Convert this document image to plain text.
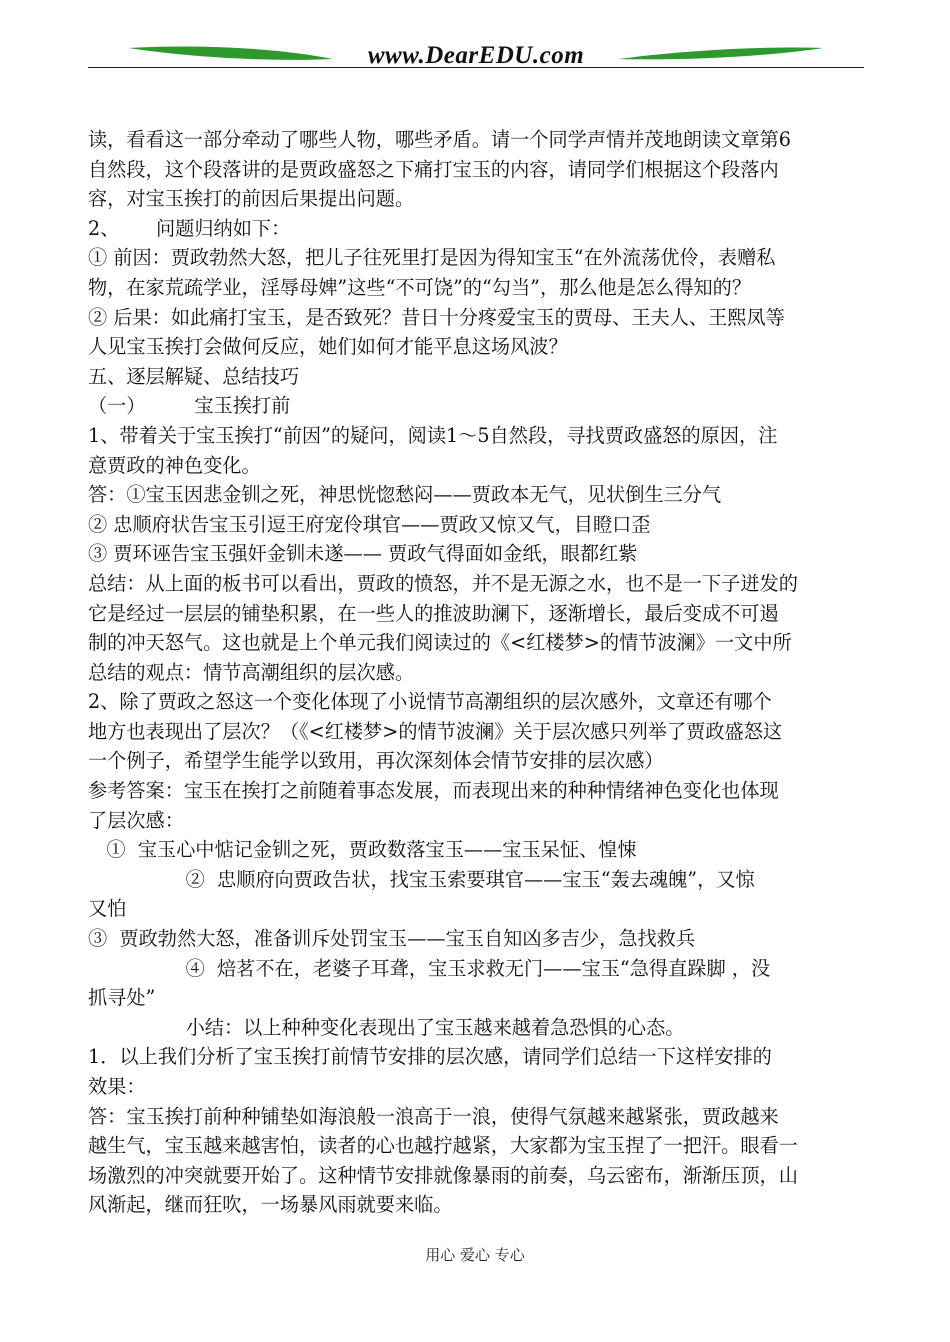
www.DearEDU.com

读，看看这一部分牵动了哪些人物，哪些矛盾。请一个同学声情并茂地朗读文章第6

自然段，这个段落讲的是贾政盛怒之下痛打宝玉的内容，请同学们根据这个段落内

容，对宝玉挨打的前因后果提出问题。

2、      问题归纳如下：

① 前因：贾政勃然大怒，把儿子往死里打是因为得知宝玉“在外流荡优伶，表赠私

物，在家荒疏学业，淫辱母婢”这些“不可饶”的“勾当”，那么他是怎么得知的？

② 后果：如此痛打宝玉，是否致死？昔日十分疼爱宝玉的贾母、王夫人、王熙凤等

人见宝玉挨打会做何反应，她们如何才能平息这场风波？

五、逐层解疑、总结技巧

（一）        宝玉挨打前

1、带着关于宝玉挨打“前因”的疑问，阅读1～5自然段，寻找贾政盛怒的原因，注

意贾政的神色变化。

答：①宝玉因悲金钏之死，神思恍惚愁闷——贾政本无气，见状倒生三分气

② 忠顺府状告宝玉引逗王府宠伶琪官——贾政又惊又气，目瞪口歪

③ 贾环诬告宝玉强奸金钏未遂—— 贾政气得面如金纸，眼都红紫

总结：从上面的板书可以看出，贾政的愤怒，并不是无源之水，也不是一下子迸发的

它是经过一层层的铺垫积累，在一些人的推波助澜下，逐渐增长，最后变成不可遏

制的冲天怒气。这也就是上个单元我们阅读过的《<红楼梦>的情节波澜》一文中所

总结的观点：情节高潮组织的层次感。

2、除了贾政之怒这一个变化体现了小说情节高潮组织的层次感外，文章还有哪个

地方也表现出了层次？（《<红楼梦>的情节波澜》关于层次感只列举了贾政盛怒这

一个例子，希望学生能学以致用，再次深刻体会情节安排的层次感）

参考答案：宝玉在挨打之前随着事态发展，而表现出来的种种情绪神色变化也体现

了层次感：

①  宝玉心中惦记金钏之死，贾政数落宝玉——宝玉呆怔、惶悚

②  忠顺府向贾政告状，找宝玉索要琪官——宝玉“轰去魂魄”，又惊

又怕

③  贾政勃然大怒，准备训斥处罚宝玉——宝玉自知凶多吉少，急找救兵

④  焙茗不在，老婆子耳聋，宝玉求救无门——宝玉“急得直跺脚 ，没

抓寻处”

小结：以上种种变化表现出了宝玉越来越着急恐惧的心态。

1．以上我们分析了宝玉挨打前情节安排的层次感，请同学们总结一下这样安排的

效果：

答：宝玉挨打前种种铺垫如海浪般一浪高于一浪，使得气氛越来越紧张，贾政越来

越生气，宝玉越来越害怕，读者的心也越拧越紧，大家都为宝玉捏了一把汗。眼看一

场激烈的冲突就要开始了。这种情节安排就像暴雨的前奏，乌云密布，渐渐压顶，山

风渐起，继而狂吹，一场暴风雨就要来临。

用心 爱心 专心
